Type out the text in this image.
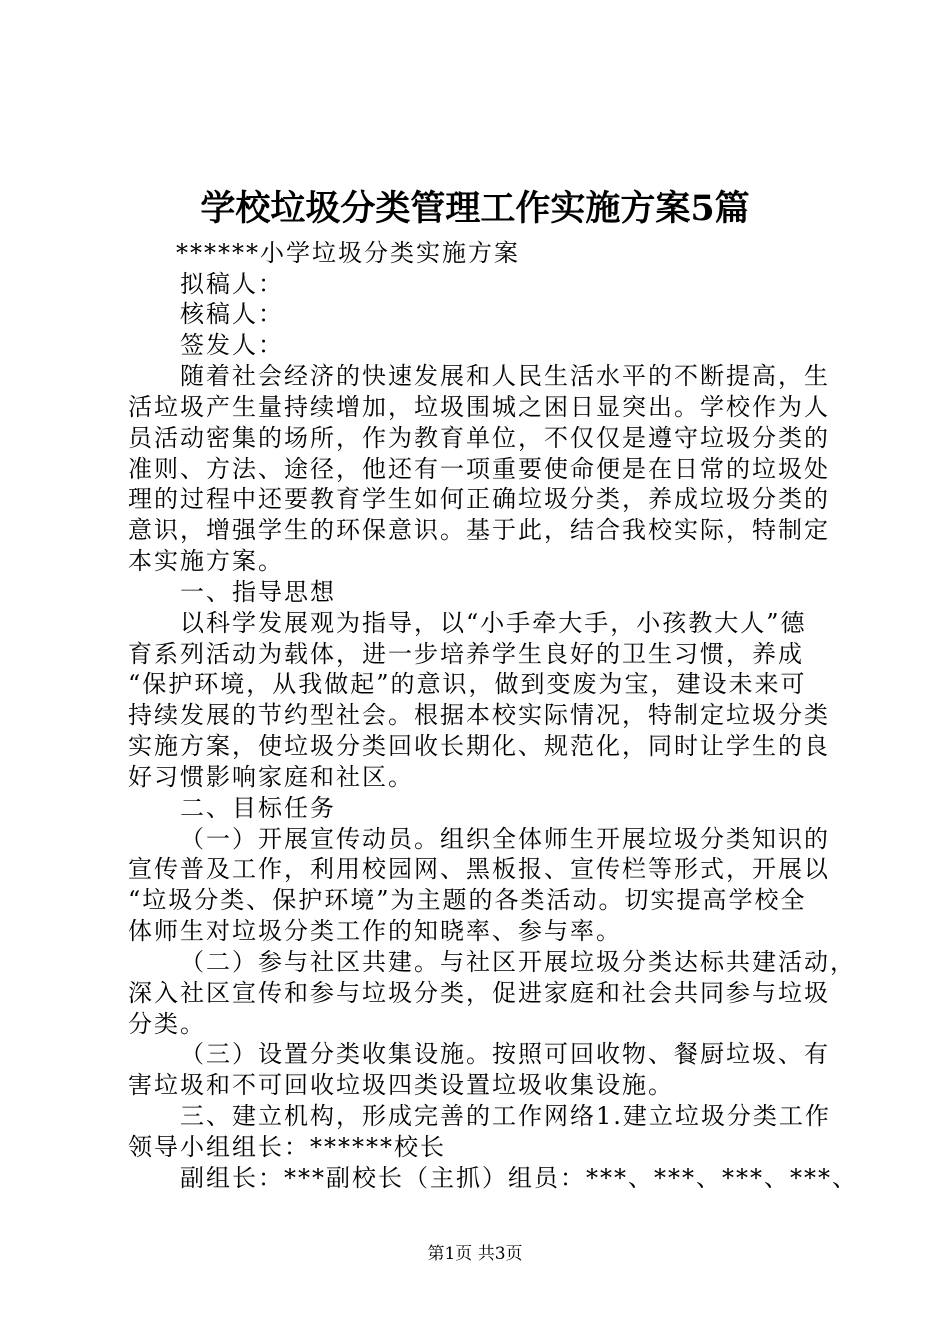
学校垃圾分类管理工作实施方案5篇

******小学垃圾分类实施方案

拟稿人：

核稿人：

签发人：

随着社会经济的快速发展和人民生活水平的不断提高，生

活垃圾产生量持续增加，垃圾围城之困日显突出。学校作为人

员活动密集的场所，作为教育单位，不仅仅是遵守垃圾分类的

准则、方法、途径，他还有一项重要使命便是在日常的垃圾处

理的过程中还要教育学生如何正确垃圾分类，养成垃圾分类的

意识，增强学生的环保意识。基于此，结合我校实际，特制定

本实施方案。

一、指导思想

以科学发展观为指导，以“小手牵大手，小孩教大人”德

育系列活动为载体，进一步培养学生良好的卫生习惯，养成

“保护环境，从我做起”的意识，做到变废为宝，建设未来可

持续发展的节约型社会。根据本校实际情况，特制定垃圾分类

实施方案，使垃圾分类回收长期化、规范化，同时让学生的良

好习惯影响家庭和社区。

二、目标任务

（一）开展宣传动员。组织全体师生开展垃圾分类知识的

宣传普及工作，利用校园网、黑板报、宣传栏等形式，开展以

“垃圾分类、保护环境”为主题的各类活动。切实提高学校全

体师生对垃圾分类工作的知晓率、参与率。

（二）参与社区共建。与社区开展垃圾分类达标共建活动，

深入社区宣传和参与垃圾分类，促进家庭和社会共同参与垃圾

分类。

（三）设置分类收集设施。按照可回收物、餐厨垃圾、有

害垃圾和不可回收垃圾四类设置垃圾收集设施。

三、建立机构，形成完善的工作网络1.建立垃圾分类工作

领导小组组长：******校长

副组长：***副校长（主抓）组员：***、***、***、***、

第1页 共3页
